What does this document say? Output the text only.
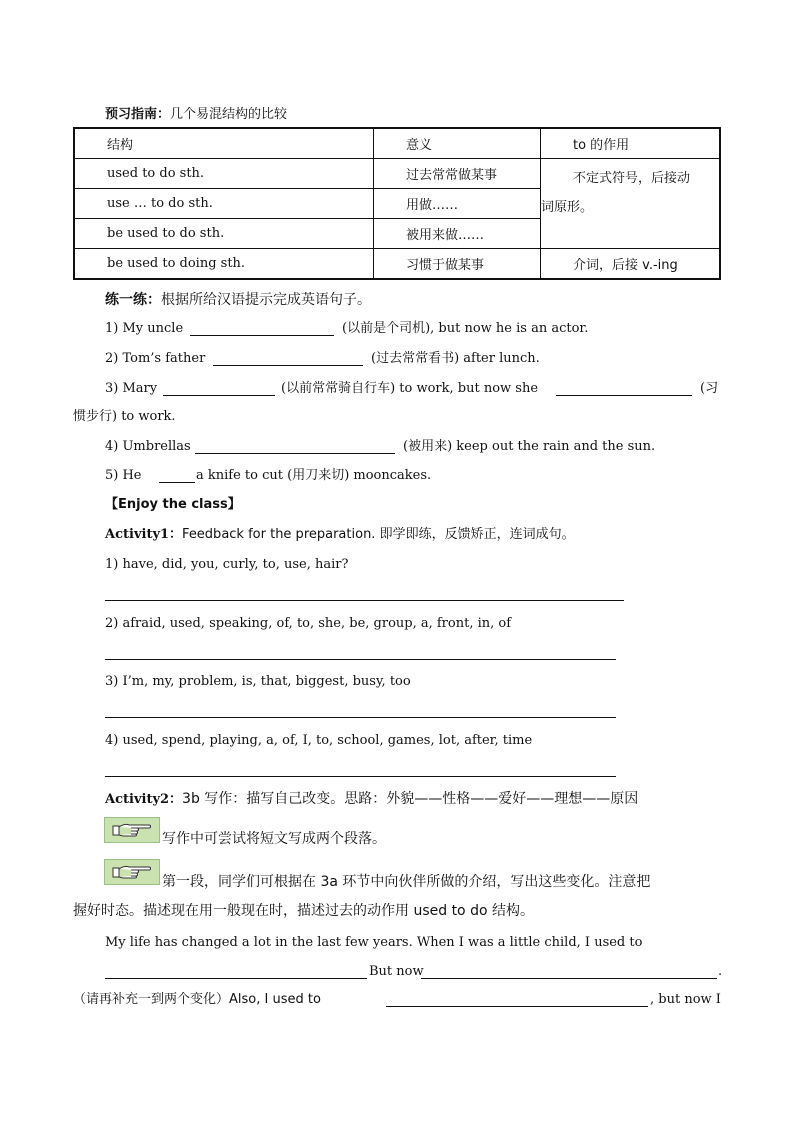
预习指南：几个易混结构的比较
结构	意义	to 的作用
used to do sth.	过去常常做某事	不定式符号，后接动
词原形。

use … to do sth.	用做……	
be used to do sth.	被用来做……	
be used to doing sth.	习惯于做某事	介词，后接 v.-ing
练一练：根据所给汉语提示完成英语句子。
1) My uncle	(以前是个司机), but now he is an actor.
2) Tom’s father	(过去常常看书) after lunch.
3) Mary	(以前常常骑自行车) to work, but now she	(习
惯步行) to work.
4) Umbrellas	(被用来) keep out the rain and the sun.
5) He	a knife to cut (用刀来切) mooncakes.
【Enjoy the class】
Activity1：Feedback for the preparation. 即学即练，反馈矫正，连词成句。
1) have, did, you, curly, to, use, hair?
2) afraid, used, speaking, of, to, she, be, group, a, front, in, of
3) I’m, my, problem, is, that, biggest, busy, too
4) used, spend, playing, a, of, I, to, school, games, lot, after, time
Activity2：3b 写作：描写自己改变。思路：外貌——性格——爱好——理想——原因
写作中可尝试将短文写成两个段落。
第一段，同学们可根据在 3a 环节中向伙伴所做的介绍，写出这些变化。注意把
握好时态。描述现在用一般现在时，描述过去的动作用 used to do 结构。
My life has changed a lot in the last few years. When I was a little child, I used to
But now	.
（请再补充一到两个变化）Also, I used to	, but now I
